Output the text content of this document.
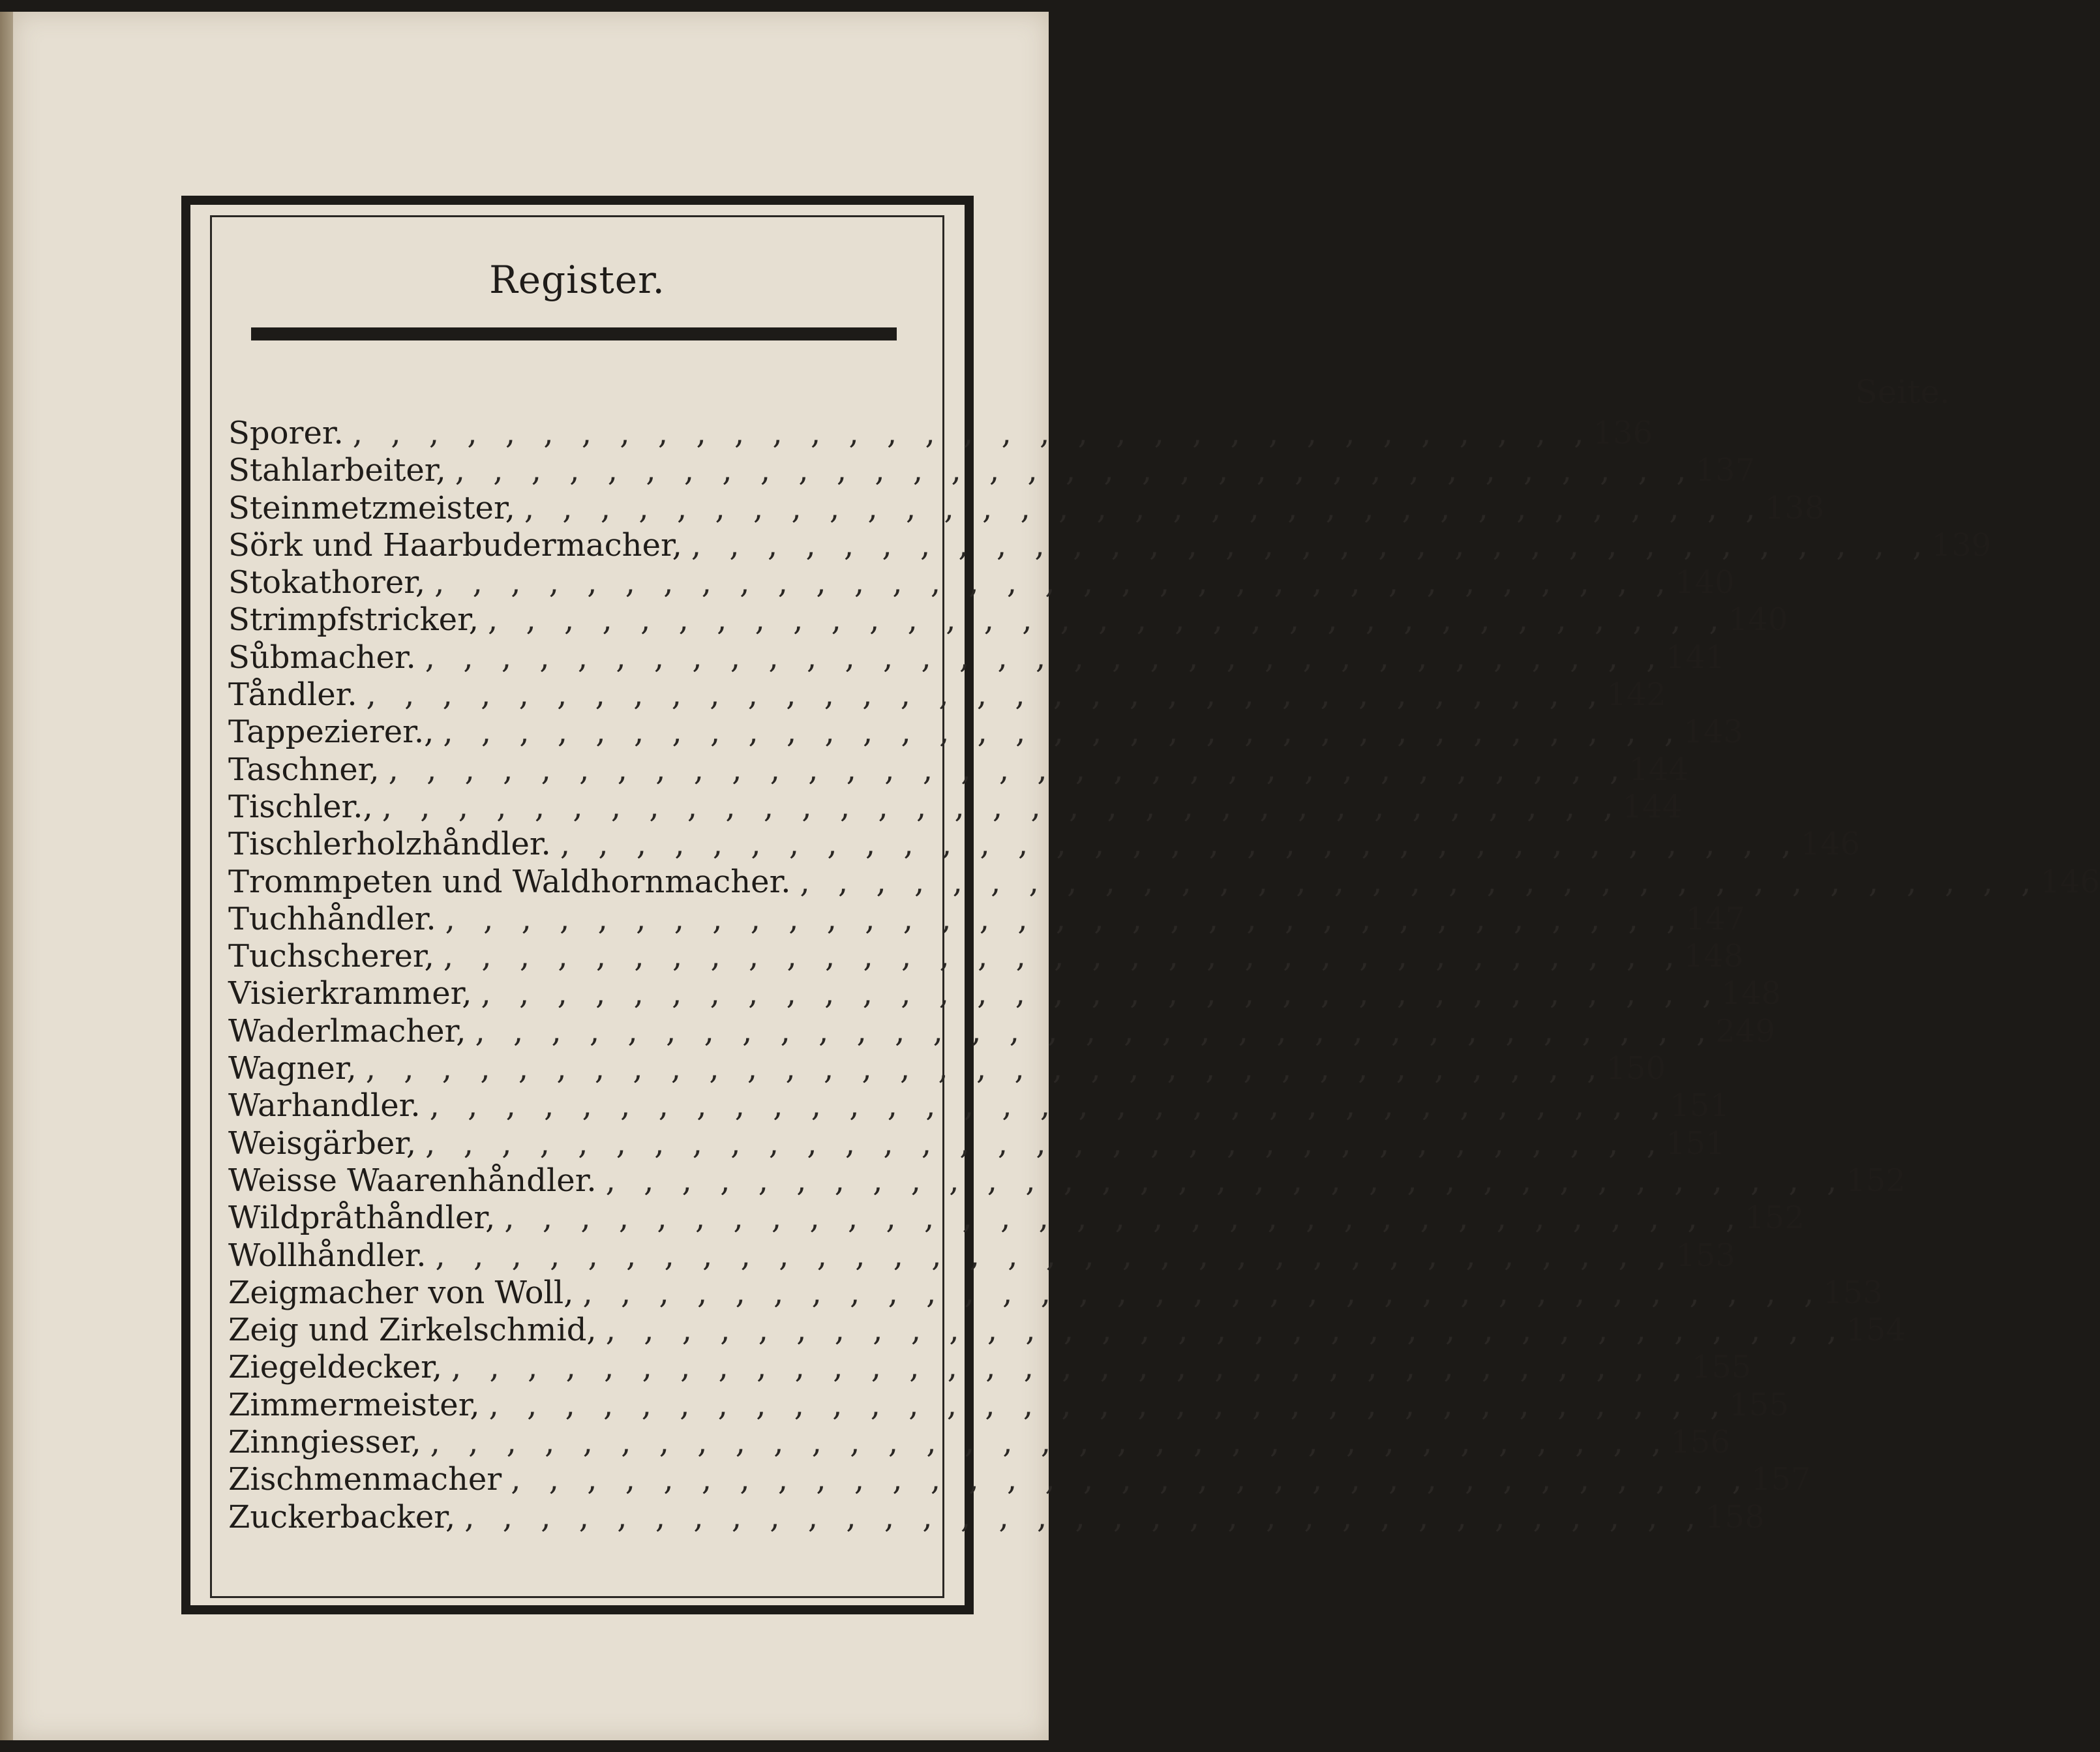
Register.
Seite.
Sporer. , , , , , , , , , , , , , , , , , , , , , , , , , , , , , , , , , 136
Stahlarbeiter, , , , , , , , , , , , , , , , , , , , , , , , , , , , , , , , , , 137
Steinmetzmeister, , , , , , , , , , , , , , , , , , , , , , , , , , , , , , , , , , 138
Sörk und Haarbudermacher, , , , , , , , , , , , , , , , , , , , , , , , , , , , , , , , , , 139
Stokathorer, , , , , , , , , , , , , , , , , , , , , , , , , , , , , , , , , , 140
Strimpfstricker, , , , , , , , , , , , , , , , , , , , , , , , , , , , , , , , , , 140
Sůbmacher. , , , , , , , , , , , , , , , , , , , , , , , , , , , , , , , , , 141
Tåndler. , , , , , , , , , , , , , , , , , , , , , , , , , , , , , , , , , 142
Tappezierer., , , , , , , , , , , , , , , , , , , , , , , , , , , , , , , , , , 143
Taschner, , , , , , , , , , , , , , , , , , , , , , , , , , , , , , , , , , 144
Tischler., , , , , , , , , , , , , , , , , , , , , , , , , , , , , , , , , , 144
Tischlerholzhåndler. , , , , , , , , , , , , , , , , , , , , , , , , , , , , , , , , , 146
Trommpeten und Waldhornmacher. , , , , , , , , , , , , , , , , , , , , , , , , , , , , , , , , , 146
Tuchhåndler. , , , , , , , , , , , , , , , , , , , , , , , , , , , , , , , , , 147
Tuchscherer, , , , , , , , , , , , , , , , , , , , , , , , , , , , , , , , , , 148
Visierkrammer, , , , , , , , , , , , , , , , , , , , , , , , , , , , , , , , , , 148
Waderlmacher, , , , , , , , , , , , , , , , , , , , , , , , , , , , , , , , , , 249
Wagner, , , , , , , , , , , , , , , , , , , , , , , , , , , , , , , , , , 150
Warhandler. , , , , , , , , , , , , , , , , , , , , , , , , , , , , , , , , , 151
Weisgärber, , , , , , , , , , , , , , , , , , , , , , , , , , , , , , , , , , 151
Weisse Waarenhåndler. , , , , , , , , , , , , , , , , , , , , , , , , , , , , , , , , , 152
Wildpråthåndler, , , , , , , , , , , , , , , , , , , , , , , , , , , , , , , , , , 152
Wollhåndler. , , , , , , , , , , , , , , , , , , , , , , , , , , , , , , , , , 153
Zeigmacher von Woll, , , , , , , , , , , , , , , , , , , , , , , , , , , , , , , , , , 153
Zeig und Zirkelschmid, , , , , , , , , , , , , , , , , , , , , , , , , , , , , , , , , , 154
Ziegeldecker, , , , , , , , , , , , , , , , , , , , , , , , , , , , , , , , , , 155
Zimmermeister, , , , , , , , , , , , , , , , , , , , , , , , , , , , , , , , , , 155
Zinngiesser, , , , , , , , , , , , , , , , , , , , , , , , , , , , , , , , , , 156
Zischmenmacher , , , , , , , , , , , , , , , , , , , , , , , , , , , , , , , , , 157
Zuckerbacker, , , , , , , , , , , , , , , , , , , , , , , , , , , , , , , , , , 158
